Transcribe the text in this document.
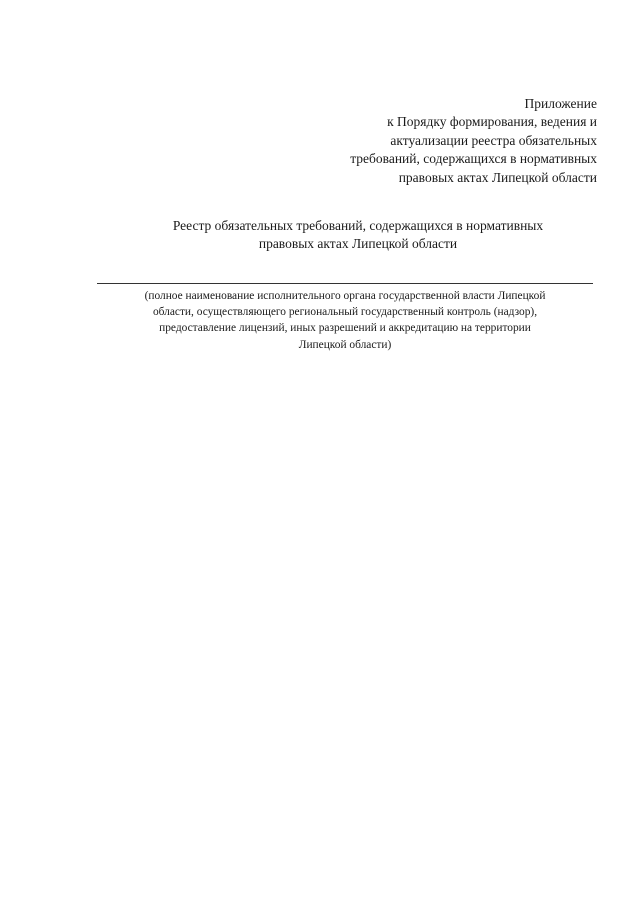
Приложение
к Порядку формирования, ведения и
актуализации реестра обязательных
требований, содержащихся в нормативных
правовых актах Липецкой области
Реестр обязательных требований, содержащихся в нормативных
правовых актах Липецкой области
(полное наименование исполнительного органа государственной власти Липецкой
области, осуществляющего региональный государственный контроль (надзор),
предоставление лицензий, иных разрешений и аккредитацию на территории
Липецкой области)
